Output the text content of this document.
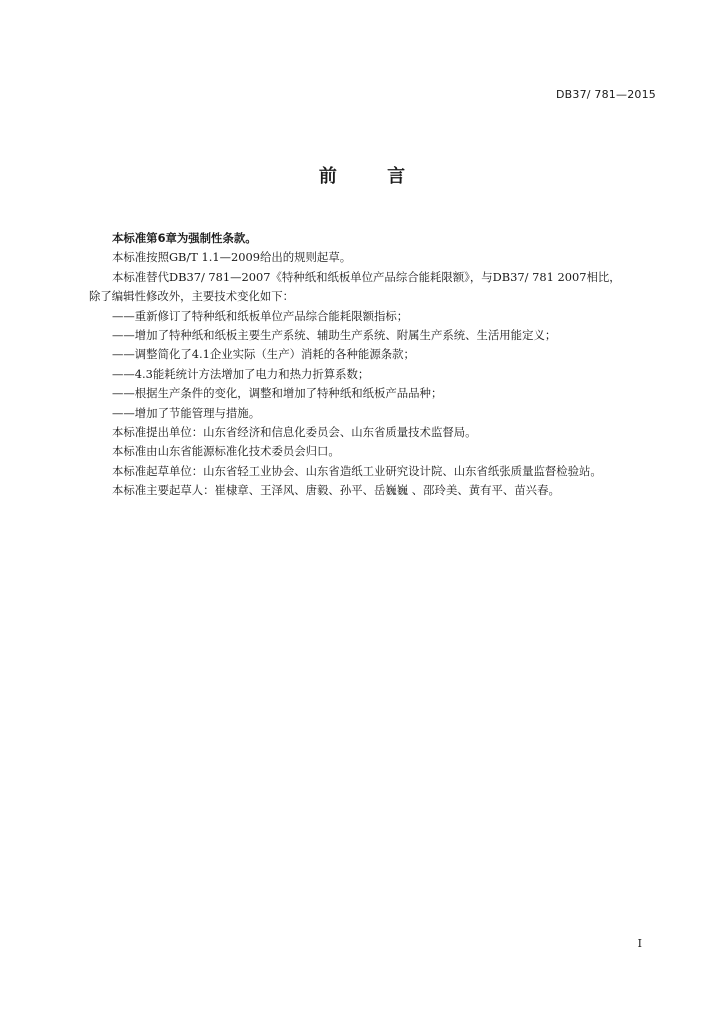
DB37/ 781—2015
前 言

本标准第6章为强制性条款。

本标准按照GB/T 1.1—2009给出的规则起草。

本标准替代DB37/ 781—2007《特种纸和纸板单位产品综合能耗限额》，与DB37/ 781 2007相比，

除了编辑性修改外，主要技术变化如下：

——重新修订了特种纸和纸板单位产品综合能耗限额指标；

——增加了特种纸和纸板主要生产系统、辅助生产系统、附属生产系统、生活用能定义；

——调整简化了4.1企业实际（生产）消耗的各种能源条款；

——4.3能耗统计方法增加了电力和热力折算系数；

——根据生产条件的变化，调整和增加了特种纸和纸板产品品种；

——增加了节能管理与措施。

本标准提出单位：山东省经济和信息化委员会、山东省质量技术监督局。

本标准由山东省能源标准化技术委员会归口。

本标准起草单位：山东省轻工业协会、山东省造纸工业研究设计院、山东省纸张质量监督检验站。

本标准主要起草人：崔棣章、王泽风、唐毅、孙平、岳巍巍 、邵玲美、黄有平、苗兴春。

I
